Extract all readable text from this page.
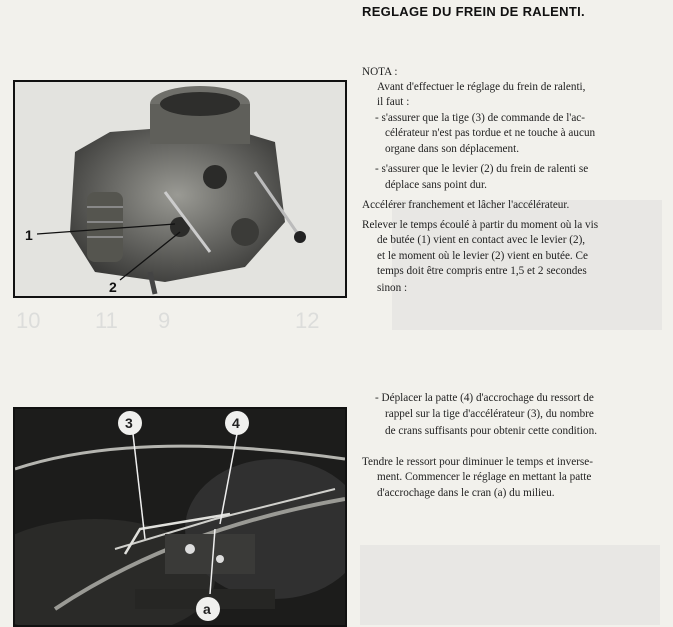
10 11 9	12
REGLAGE DU FREIN DE RALENTI.
1
2
3	4
a
NOTA :
Avant d'effectuer le réglage du frein de ralenti,
il faut :
- s'assurer que la tige (3) de commande de l'ac-
célérateur n'est pas tordue et ne touche à aucun
organe dans son déplacement.
- s'assurer que le levier (2) du frein de ralenti se
déplace sans point dur.
Accélérer franchement et lâcher l'accélérateur.
Relever le temps écoulé à partir du moment où la vis
de butée (1) vient en contact avec le levier (2),
et le moment où le levier (2) vient en butée. Ce
temps doit être compris entre 1,5 et 2 secondes
sinon :
- Déplacer la patte (4) d'accrochage du ressort de
rappel sur la tige d'accélérateur (3), du nombre
de crans suffisants pour obtenir cette condition.
Tendre le ressort pour diminuer le temps et inverse-
ment. Commencer le réglage en mettant la patte
d'accrochage dans le cran (a) du milieu.
